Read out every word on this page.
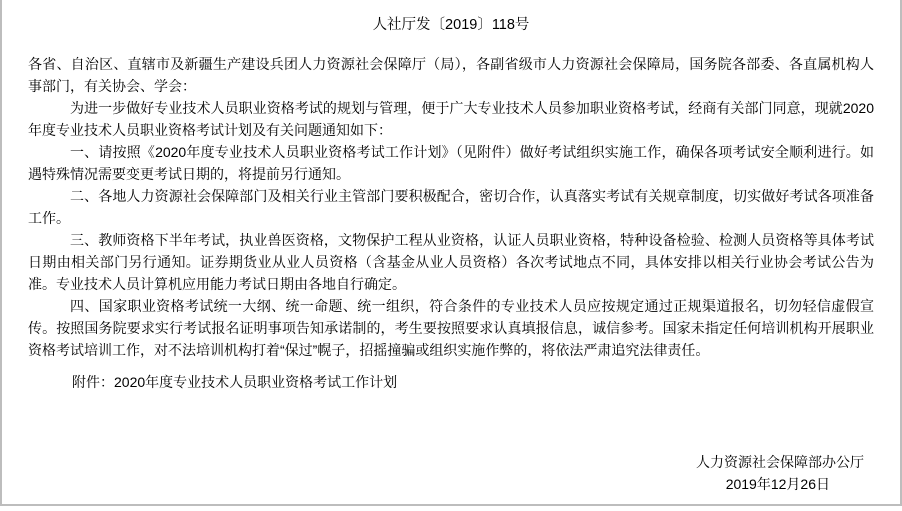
人社厅发〔2019〕118号

各省、自治区、直辖市及新疆生产建设兵团人力资源社会保障厅（局），各副省级市人力资源社会保障局，国务院各部委、各直属机构人事部门，有关协会、学会：

为进一步做好专业技术人员职业资格考试的规划与管理，便于广大专业技术人员参加职业资格考试，经商有关部门同意，现就2020年度专业技术人员职业资格考试计划及有关问题通知如下：

一、请按照《2020年度专业技术人员职业资格考试工作计划》（见附件）做好考试组织实施工作，确保各项考试安全顺利进行。如遇特殊情况需要变更考试日期的，将提前另行通知。

二、各地人力资源社会保障部门及相关行业主管部门要积极配合，密切合作，认真落实考试有关规章制度，切实做好考试各项准备工作。

三、教师资格下半年考试，执业兽医资格，文物保护工程从业资格，认证人员职业资格，特种设备检验、检测人员资格等具体考试日期由相关部门另行通知。证券期货业从业人员资格（含基金从业人员资格）各次考试地点不同，具体安排以相关行业协会考试公告为准。专业技术人员计算机应用能力考试日期由各地自行确定。

四、国家职业资格考试统一大纲、统一命题、统一组织，符合条件的专业技术人员应按规定通过正规渠道报名，切勿轻信虚假宣传。按照国务院要求实行考试报名证明事项告知承诺制的，考生要按照要求认真填报信息，诚信参考。国家未指定任何培训机构开展职业资格考试培训工作，对不法培训机构打着“保过”幌子，招摇撞骗或组织实施作弊的，将依法严肃追究法律责任。

附件：2020年度专业技术人员职业资格考试工作计划

人力资源社会保障部办公厅

2019年12月26日
